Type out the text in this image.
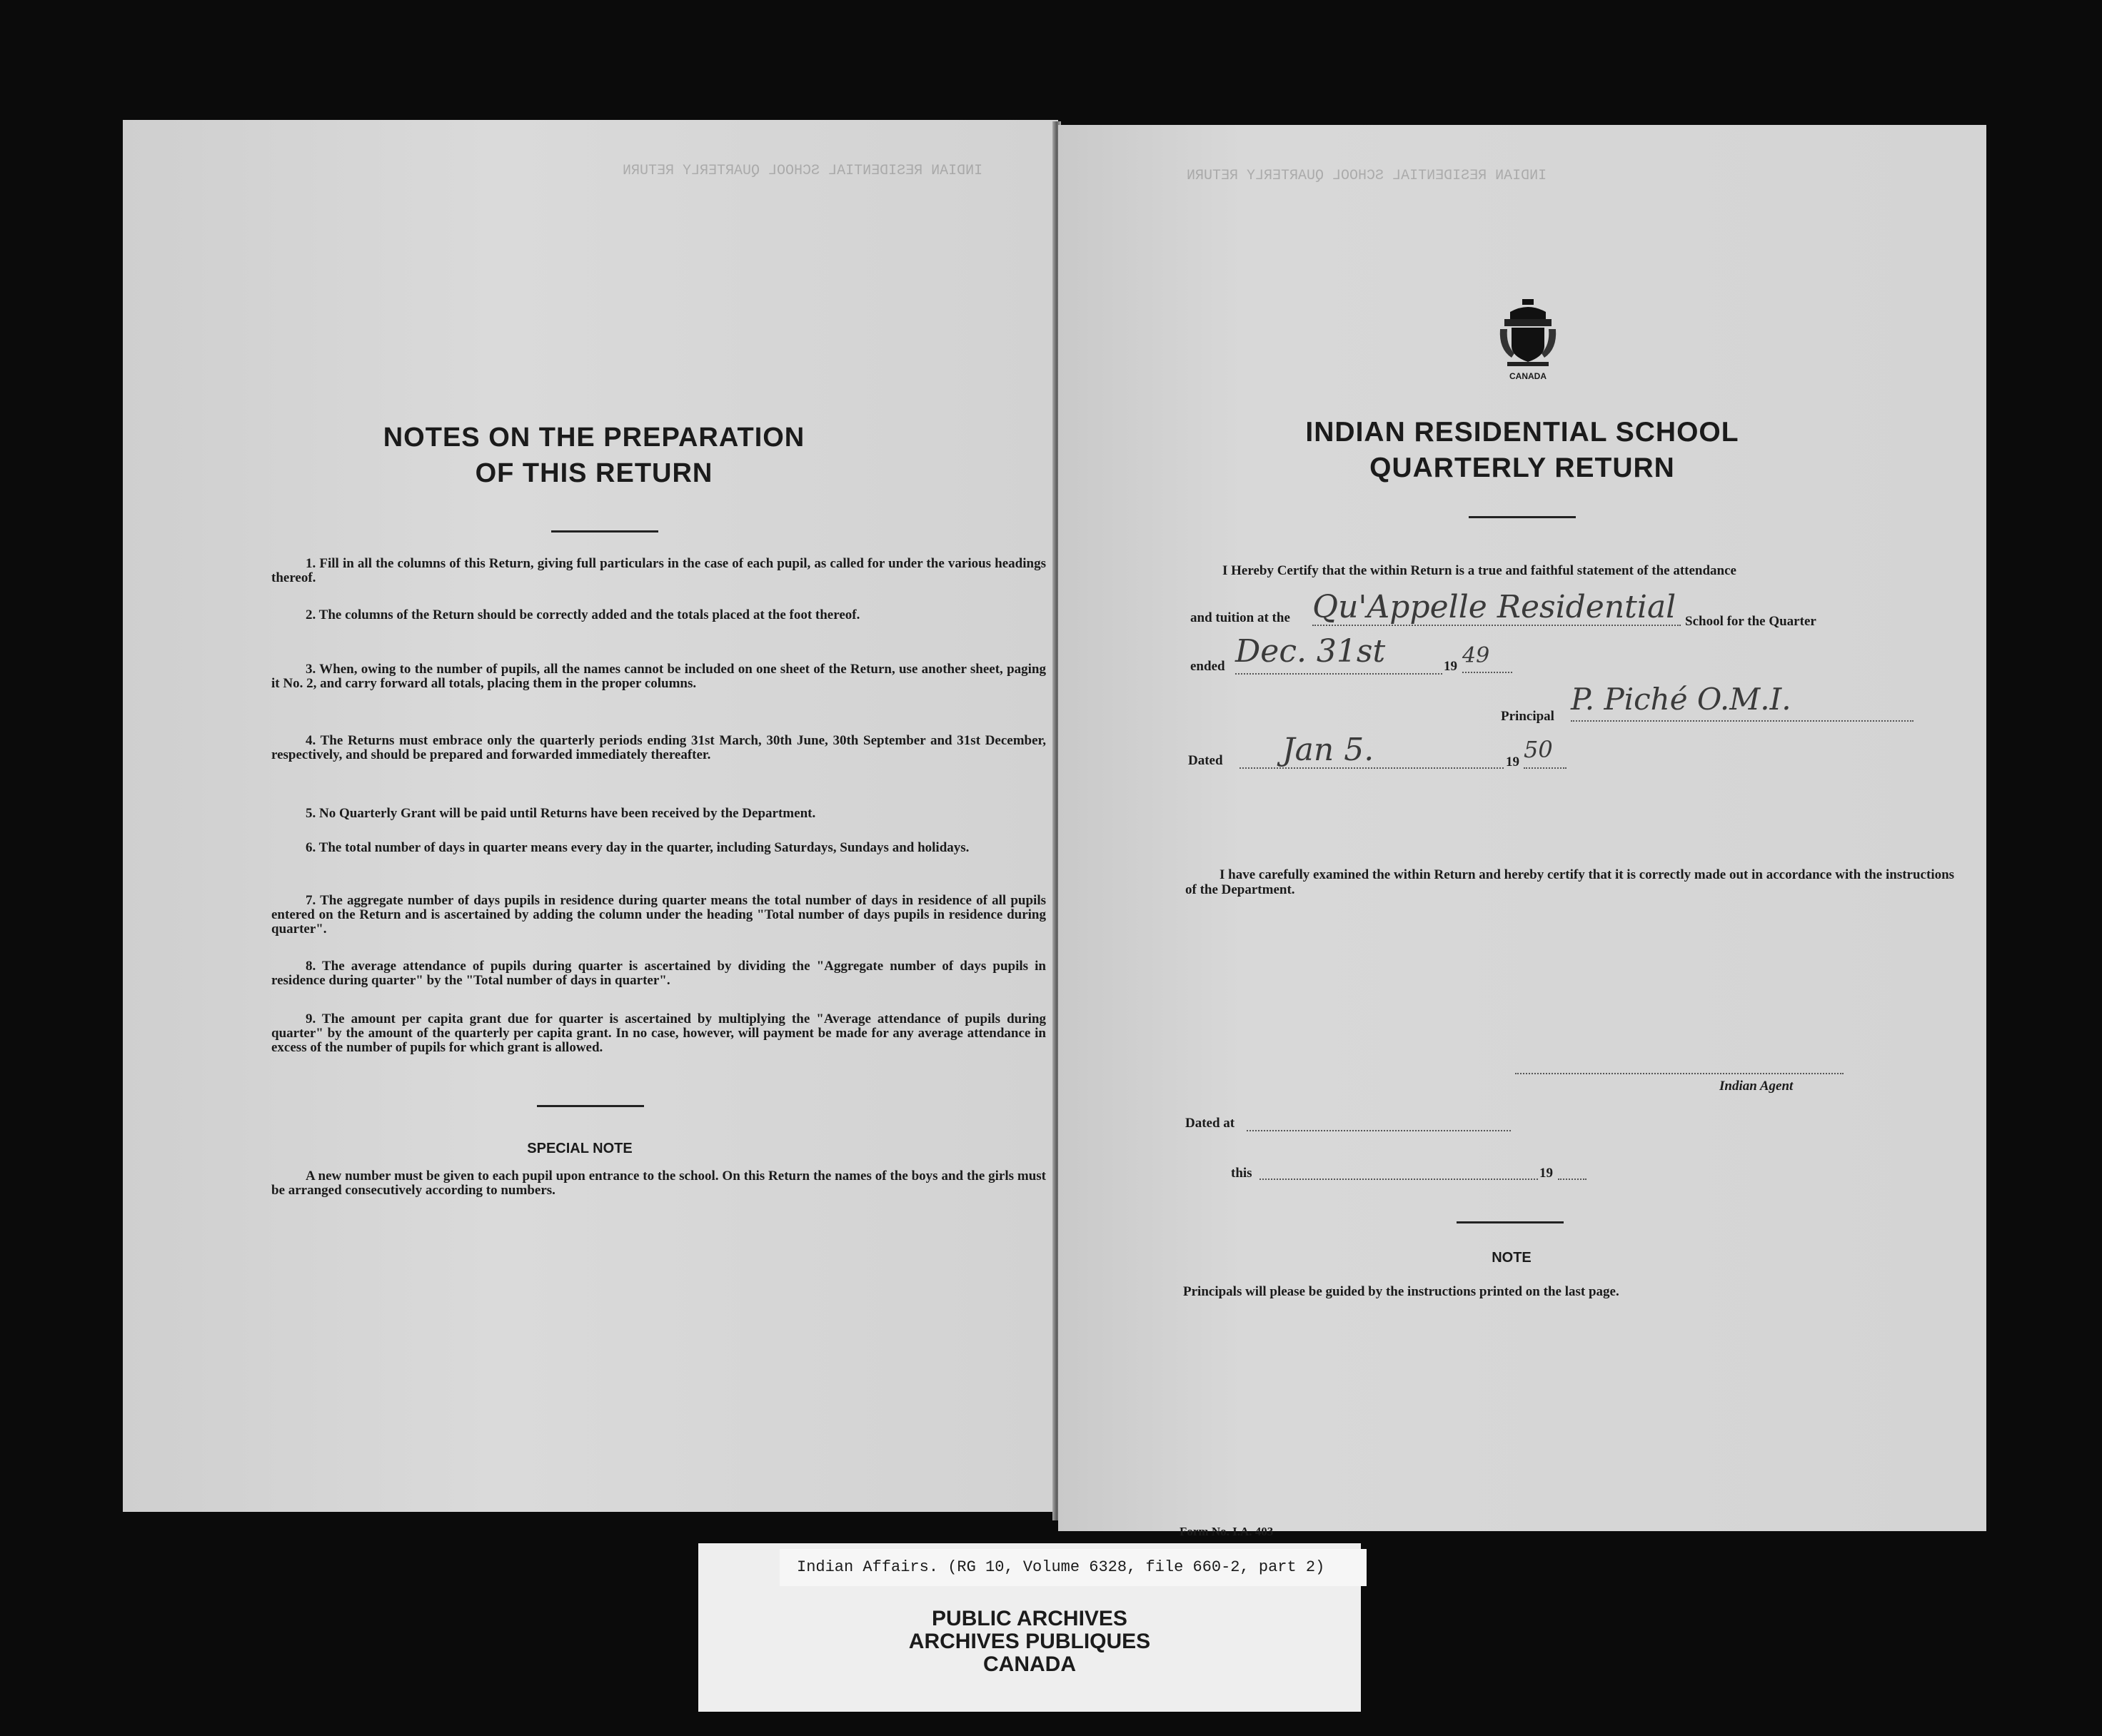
INDIAN RESIDENTIAL SCHOOL QUARTERLY RETURN
NOTES ON THE PREPARATION
OF THIS RETURN
1. Fill in all the columns of this Return, giving full particulars in the case of each pupil, as called for under the various headings thereof.
2. The columns of the Return should be correctly added and the totals placed at the foot thereof.
3. When, owing to the number of pupils, all the names cannot be included on one sheet of the Return, use another sheet, paging it No. 2, and carry forward all totals, placing them in the proper columns.
4. The Returns must embrace only the quarterly periods ending 31st March, 30th June, 30th September and 31st December, respectively, and should be prepared and forwarded immediately thereafter.
5. No Quarterly Grant will be paid until Returns have been received by the Department.
6. The total number of days in quarter means every day in the quarter, including Saturdays, Sundays and holidays.
7. The aggregate number of days pupils in residence during quarter means the total number of days in residence of all pupils entered on the Return and is ascertained by adding the column under the heading "Total number of days pupils in residence during quarter".
8. The average attendance of pupils during quarter is ascertained by dividing the "Aggregate number of days pupils in residence during quarter" by the "Total number of days in quarter".
9. The amount per capita grant due for quarter is ascertained by multiplying the "Average attendance of pupils during quarter" by the amount of the quarterly per capita grant. In no case, however, will payment be made for any average attendance in excess of the number of pupils for which grant is allowed.
SPECIAL NOTE
A new number must be given to each pupil upon entrance to the school. On this Return the names of the boys and the girls must be arranged consecutively according to numbers.
INDIAN RESIDENTIAL SCHOOL QUARTERLY RETURN
CANADA
INDIAN RESIDENTIAL SCHOOL
QUARTERLY RETURN
I Hereby Certify that the within Return is a true and faithful statement of the attendance
and tuition at the Qu'Appelle Residential School for the Quarter
ended Dec. 31st	19 49
Principal P. Piché O.M.I.
Dated	Jan 5.	19 50
I have carefully examined the within Return and hereby certify that it is correctly made out in accordance with the instructions of the Department.
Indian Agent
Dated at
this	19
NOTE
Principals will please be guided by the instructions printed on the last page.
Form No. I.A. 403
Indian Affairs. (RG 10, Volume 6328, file 660-2, part 2)
PUBLIC ARCHIVES
ARCHIVES PUBLIQUES
CANADA
